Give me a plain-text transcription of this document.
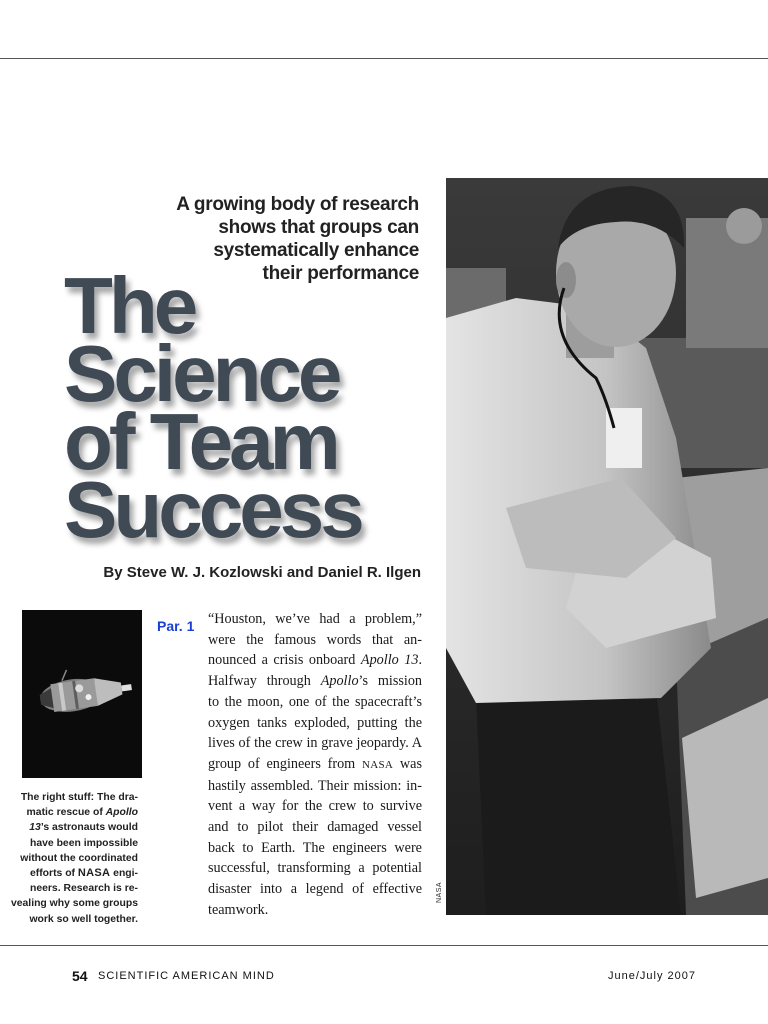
A growing body of research
shows that groups can
systematically enhance
their performance
The
Science
of Team
Success
By Steve W. J. Kozlowski and Daniel R. Ilgen
The right stuff: The dra-
matic rescue of Apollo
13’s astronauts would
have been impossible
without the coordinated
efforts of NASA engi-
neers. Research is re-
vealing why some groups
work so well together.
Par. 1 “Houston, we’ve had a problem,”
were the famous words that an-
nounced a crisis onboard Apollo 13.
Halfway through Apollo’s mission
to the moon, one of the spacecraft’s
oxygen tanks exploded, putting the
lives of the crew in grave jeopardy. A
group of engineers from NASA was
hastily assembled. Their mission: in-
vent a way for the crew to survive
and to pilot their damaged vessel
back to Earth. The engineers were
successful, transforming a potential
disaster into a legend of effective
teamwork.
NASA
54 SCIENTIFIC AMERICAN MIND	June/July 2007
